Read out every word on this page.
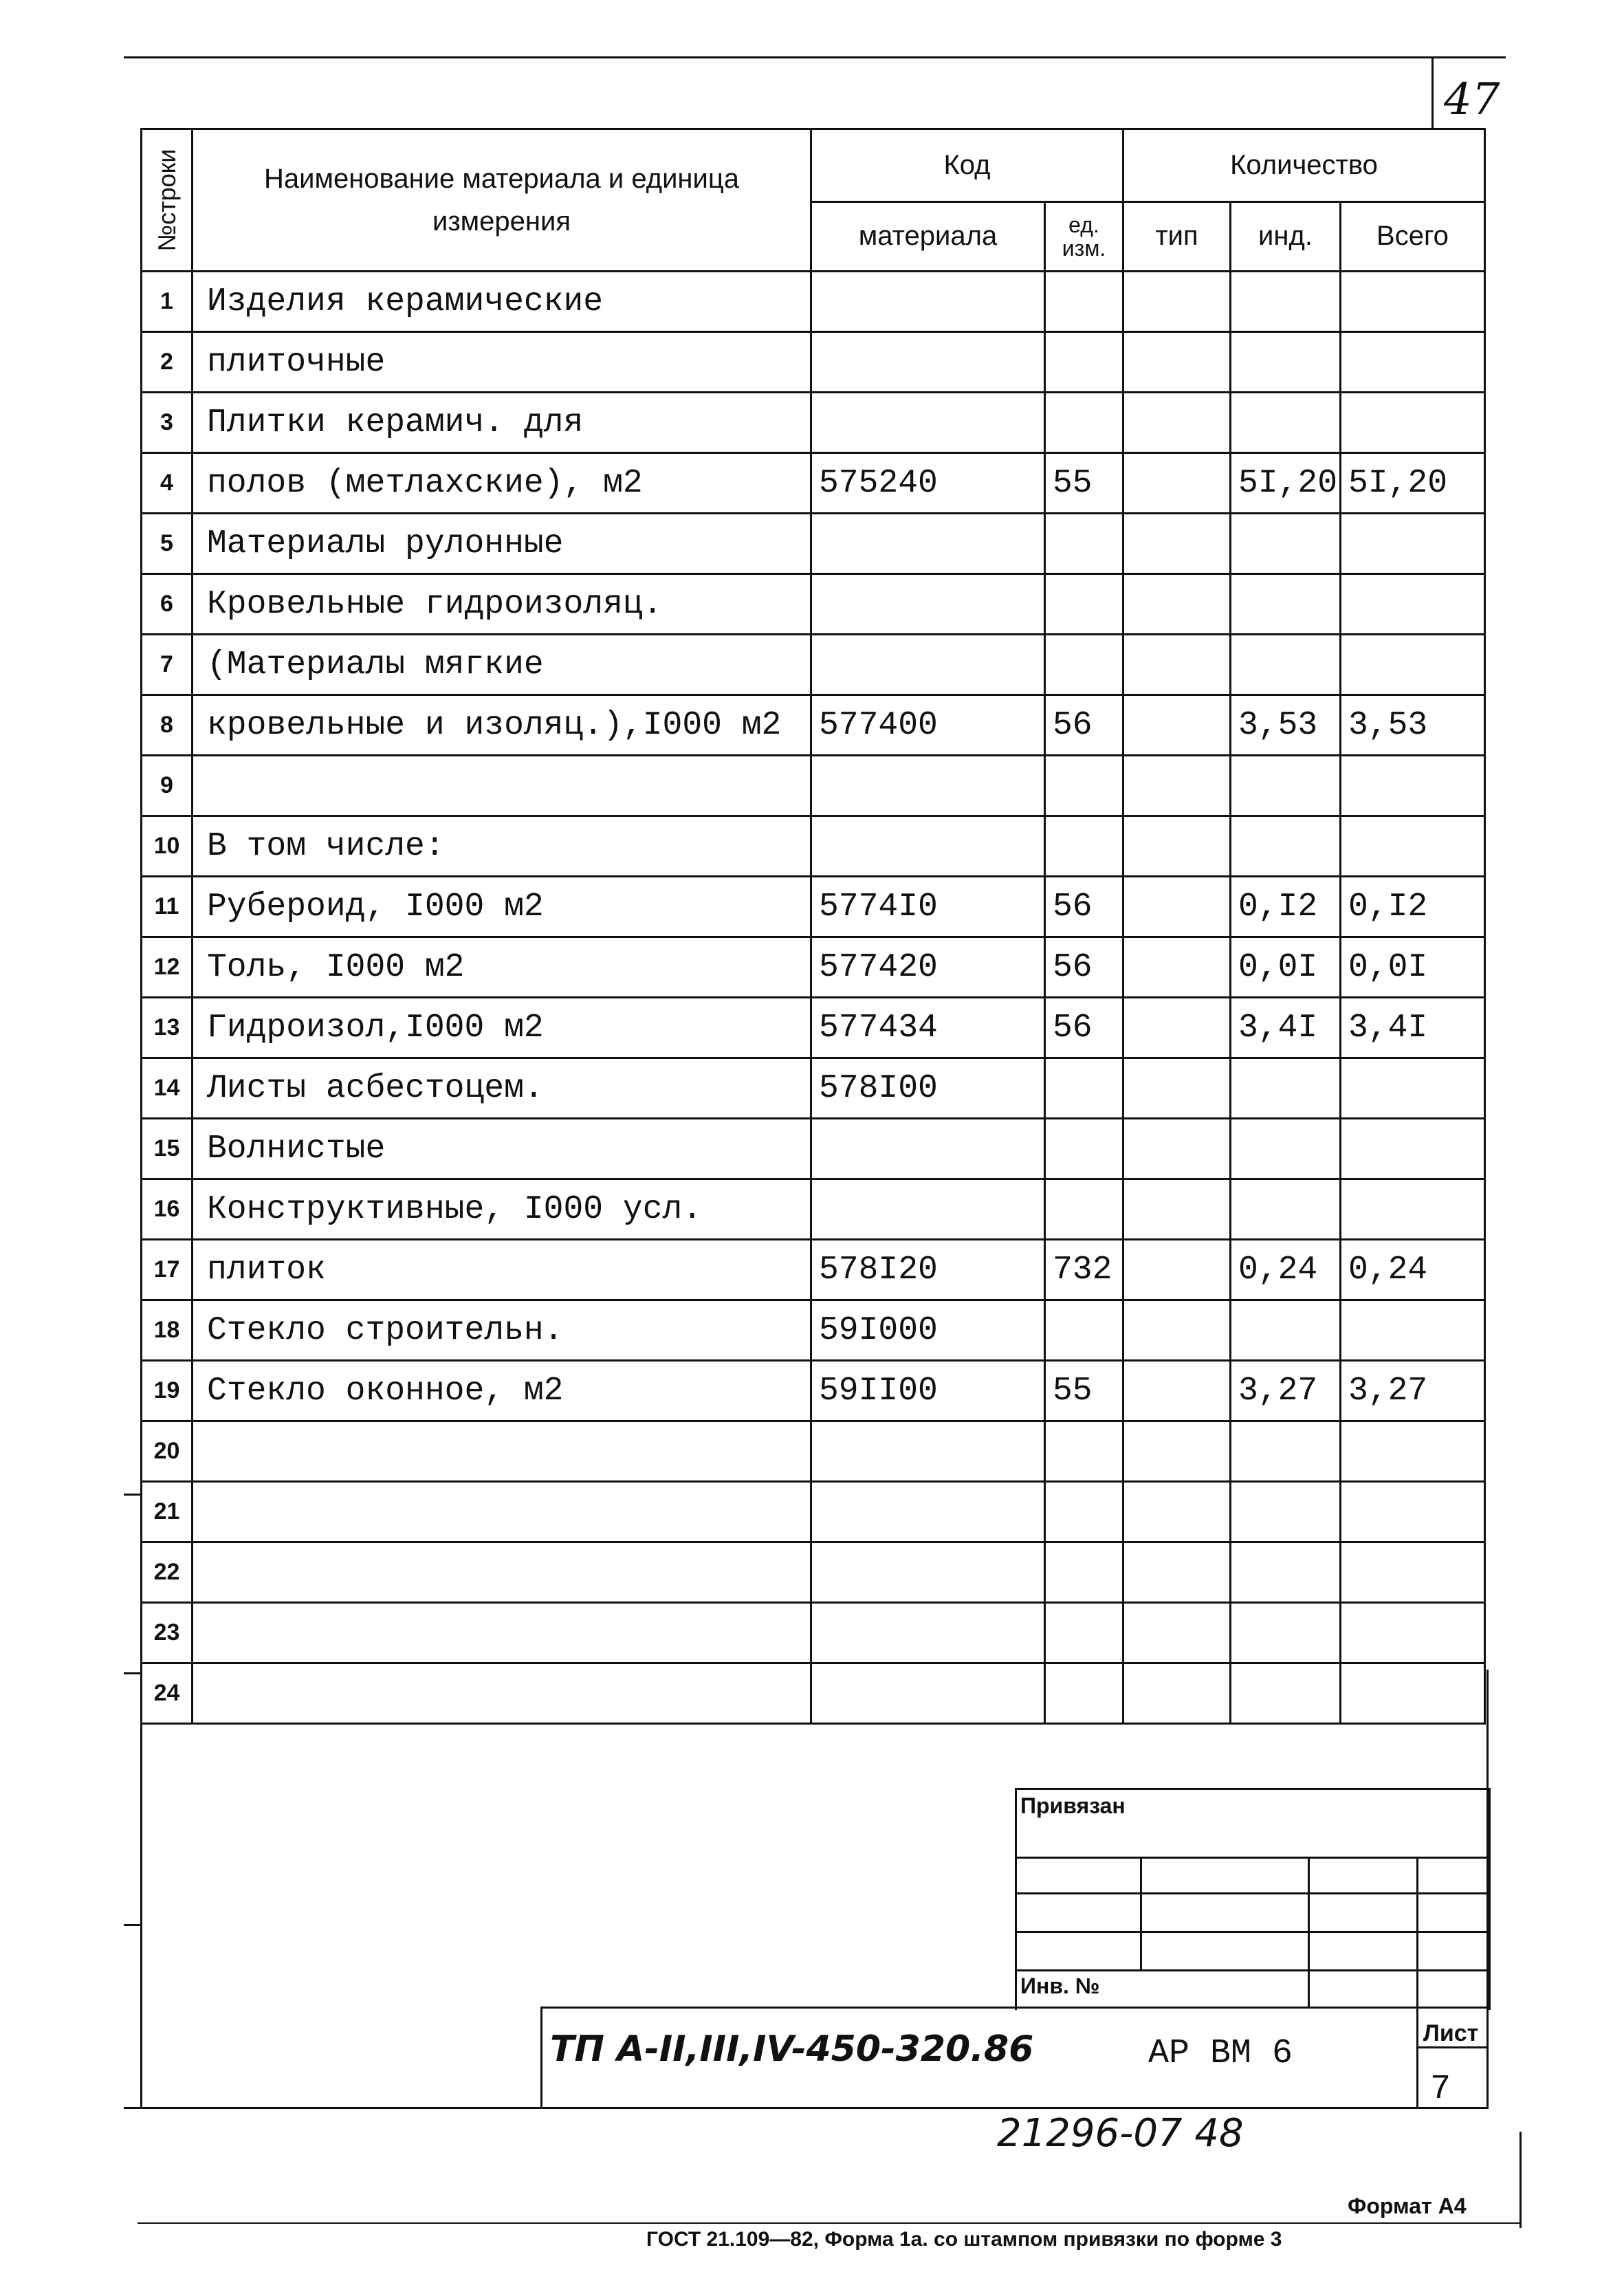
47
№строки	Наименование материала и единица измерения	Код		Количество		
		материала	ед. изм.	тип	инд.	Всего
1	Изделия керамические					
2	плиточные					
3	Плитки керамич. для					
4	полов (метлахские), м2	575240	55		5I,20	5I,20
5	Материалы рулонные					
6	Кровельные гидроизоляц.					
7	(Материалы мягкие					
8	кровельные и изоляц.),I000 м2	577400	56		3,53	3,53
9						
10	В том числе:					
11	Рубероид, I000 м2	5774I0	56		0,I2	0,I2
12	Толь, I000 м2	577420	56		0,0I	0,0I
13	Гидроизол,I000 м2	577434	56		3,4I	3,4I
14	Листы асбестоцем.	578I00				
15	Волнистые					
16	Конструктивные, I000 усл.					
17	плиток	578I20	732		0,24	0,24
18	Стекло строительн.	59I000				
19	Стекло оконное, м2	59II00	55		3,27	3,27
20						
21						
22						
23						
24						
Привязан
Инв. №
ТП А-II,III,IV-450-320.86	АР ВМ 6
Лист
7
21296-07 48
Формат А4
ГОСТ 21.109—82, Форма 1а. со штампом привязки по форме 3
